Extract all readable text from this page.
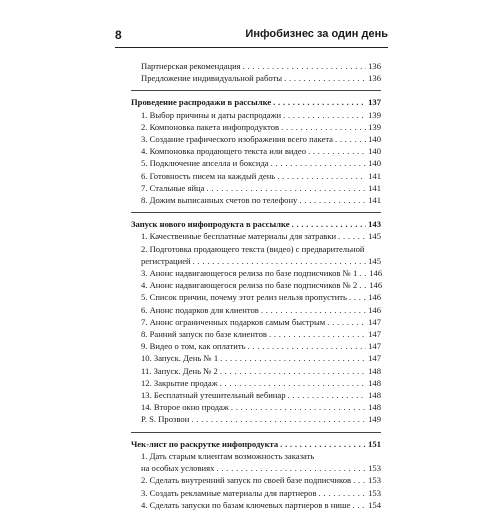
8	Инфобизнес за один день
Партнерская рекомендация . . .	136
Предложение индивидуальной работы . . .	136
Проведение распродажи в рассылке . . .	137
1. Выбор причины и даты распродажи . . .	139
2. Компоновка пакета инфопродуктов . . .	139
3. Создание графического изображения всего пакета . . .	140
4. Компоновка продающего текста или видео . . .	140
5. Подключение апселла и боксида . . .	140
6. Готовность писем на каждый день . . .	141
7. Стальные яйца . . .	141
8. Дожим выписанных счетов по телефону . . .	141
Запуск нового инфопродукта в рассылке . . .	143
1. Качественные бесплатные материалы для затравки . . .	145
2. Подготовка продающего текста (видео) с предварительной
регистрацией . . .	145
3. Анонс надвигающегося релиза по базе подписчиков № 1 . . . 146
4. Анонс надвигающегося релиза по базе подписчиков № 2 . . . 146
5. Список причин, почему этот релиз нельзя пропустить . . . 146
6. Анонс подарков для клиентов . . .	146
7. Анонс ограниченных подарков самым быстрым . . .	147
8. Ранний запуск по базе клиентов . . .	147
9. Видео о том, как оплатить . . .	147
10. Запуск. День № 1 . . .	147
11. Запуск. День № 2 . . .	148
12. Закрытие продаж . . .	148
13. Бесплатный утешительный вебинар . . .	148
14. Второе окно продаж . . .	148
P. S. Прозвон . . .	149
Чек-лист по раскрутке инфопродукта . . .	151
1. Дать старым клиентам возможность заказать
на особых условиях . . .	153
2. Сделать внутренний запуск по своей базе подписчиков . . . 153
3. Создать рекламные материалы для партнеров . . .	153
4. Сделать запуски по базам ключевых партнеров в нише . . . 154
